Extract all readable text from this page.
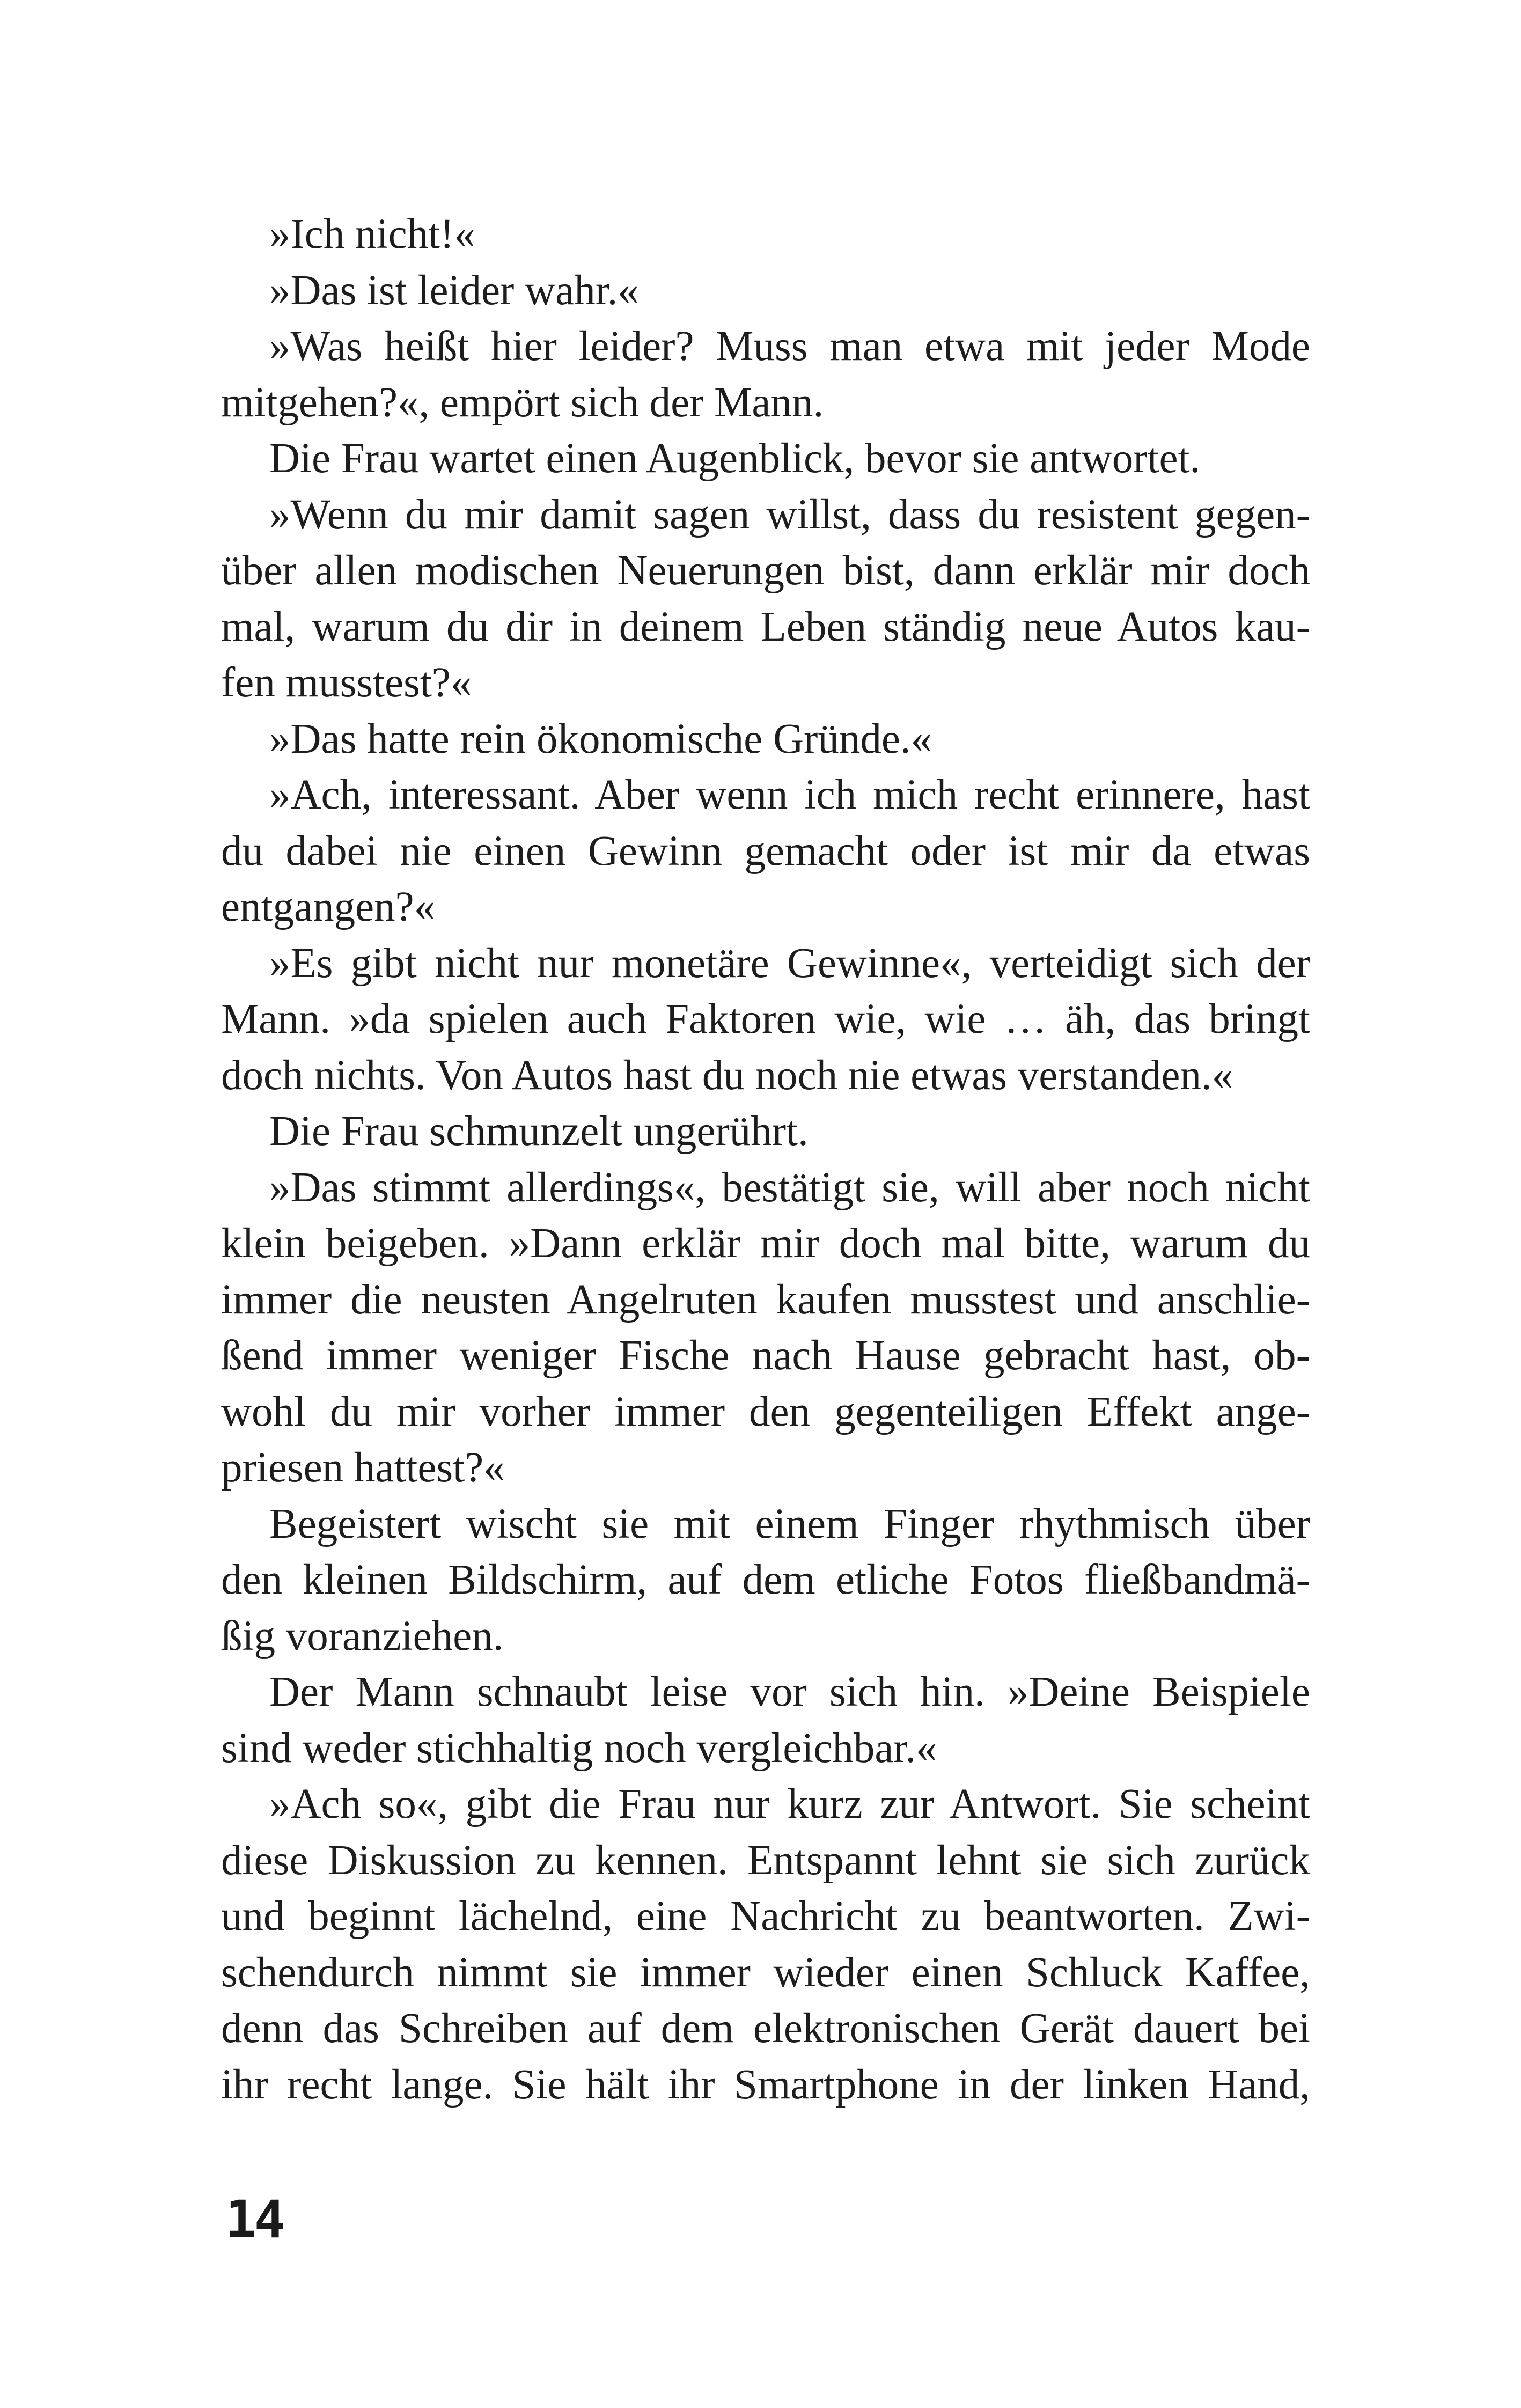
»Ich nicht!«
»Das ist leider wahr.«
»Was heißt hier leider? Muss man etwa mit jeder Mode
mitgehen?«, empört sich der Mann.
Die Frau wartet einen Augenblick, bevor sie antwortet.
»Wenn du mir damit sagen willst, dass du resistent gegen-
über allen modischen Neuerungen bist, dann erklär mir doch
mal, warum du dir in deinem Leben ständig neue Autos kau-
fen musstest?«
»Das hatte rein ökonomische Gründe.«
»Ach, interessant. Aber wenn ich mich recht erinnere, hast
du dabei nie einen Gewinn gemacht oder ist mir da etwas
entgangen?«
»Es gibt nicht nur monetäre Gewinne«, verteidigt sich der
Mann. »da spielen auch Faktoren wie, wie … äh, das bringt
doch nichts. Von Autos hast du noch nie etwas verstanden.«
Die Frau schmunzelt ungerührt.
»Das stimmt allerdings«, bestätigt sie, will aber noch nicht
klein beigeben. »Dann erklär mir doch mal bitte, warum du
immer die neusten Angelruten kaufen musstest und anschlie-
ßend immer weniger Fische nach Hause gebracht hast, ob-
wohl du mir vorher immer den gegenteiligen Effekt ange-
priesen hattest?«
Begeistert wischt sie mit einem Finger rhythmisch über
den kleinen Bildschirm, auf dem etliche Fotos fließbandmä-
ßig voranziehen.
Der Mann schnaubt leise vor sich hin. »Deine Beispiele
sind weder stichhaltig noch vergleichbar.«
»Ach so«, gibt die Frau nur kurz zur Antwort. Sie scheint
diese Diskussion zu kennen. Entspannt lehnt sie sich zurück
und beginnt lächelnd, eine Nachricht zu beantworten. Zwi-
schendurch nimmt sie immer wieder einen Schluck Kaffee,
denn das Schreiben auf dem elektronischen Gerät dauert bei
ihr recht lange. Sie hält ihr Smartphone in der linken Hand,
14
